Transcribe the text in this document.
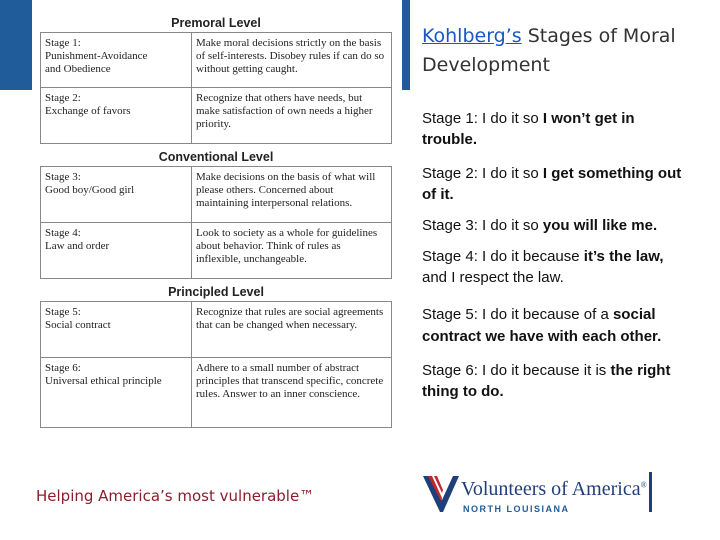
Kohlberg’s Stages of Moral Development
Premoral Level
Stage 1:
Punishment-Avoidance
and Obedience	Make moral decisions strictly on the basis of self-interests. Disobey rules if can do so without getting caught.

Stage 2:
Exchange of favors	Recognize that others have needs, but make satisfaction of own needs a higher priority.
Conventional Level
Stage 3:
Good boy/Good girl	Make decisions on the basis of what will please others. Concerned about maintaining interpersonal relations.

Stage 4:
Law and order	Look to society as a whole for guidelines about behavior. Think of rules as inflexible, unchangeable.
Principled Level
Stage 5:
Social contract	Recognize that rules are social agreements that can be changed when necessary.

Stage 6:
Universal ethical principle	Adhere to a small number of abstract principles that transcend specific, concrete rules. Answer to an inner conscience.

Stage 1: I do it so I won’t get in trouble.

Stage 2: I do it so I get something out of it.

Stage 3: I do it so you will like me.

Stage 4: I do it because it’s the law, and I respect the law.

Stage 5: I do it because of a social contract we have with each other.

Stage 6: I do it because it is the right thing to do.

Helping America’s most vulnerable™	Volunteers of America®
NORTH LOUISIANA
